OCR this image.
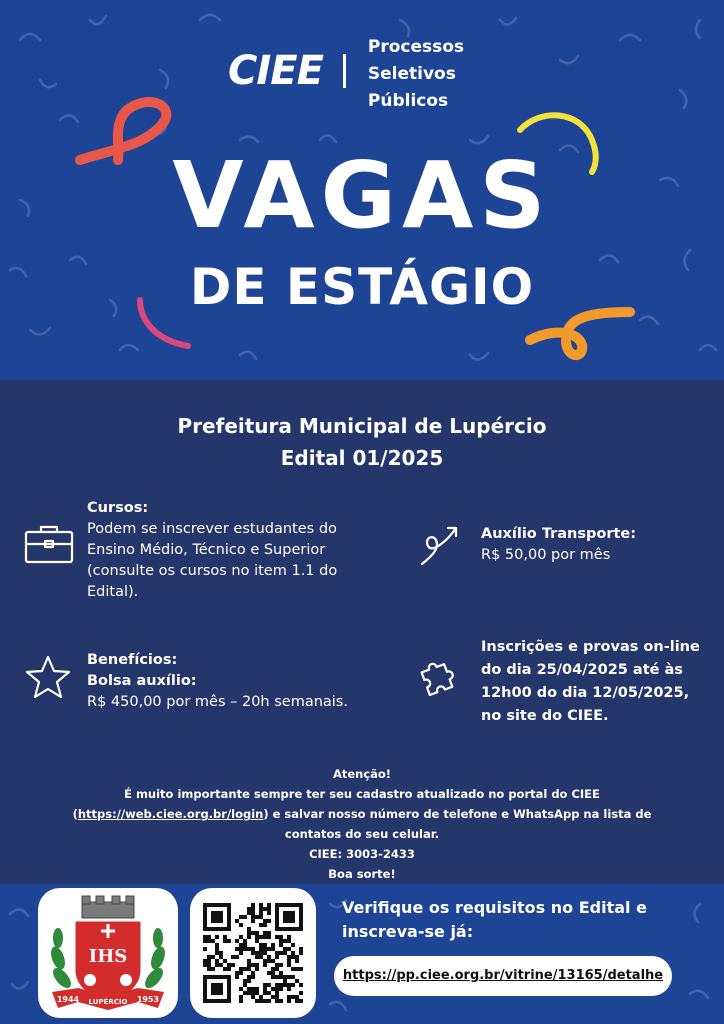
CIEE
Processos
Seletivos
Públicos
VAGAS
DE ESTÁGIO
Prefeitura Municipal de Lupércio
Edital 01/2025
Cursos:
Podem se inscrever estudantes do
Ensino Médio, Técnico e Superior
(consulte os cursos no item 1.1 do
Edital).
Auxílio Transporte:
R$ 50,00 por mês
Benefícios:
Bolsa auxílio:
R$ 450,00 por mês – 20h semanais.
Inscrições e provas on-line
do dia 25/04/2025 até às
12h00 do dia 12/05/2025,
no site do CIEE.
Atenção!
É muito importante sempre ter seu cadastro atualizado no portal do CIEE
(https://web.ciee.org.br/login) e salvar nosso número de telefone e WhatsApp na lista de
contatos do seu celular.
CIEE: 3003-2433
Boa sorte!
IHS
1944 LUPÉRCIO 1953
Verifique os requisitos no Edital e
inscreva-se já:
https://pp.ciee.org.br/vitrine/13165/detalhe
